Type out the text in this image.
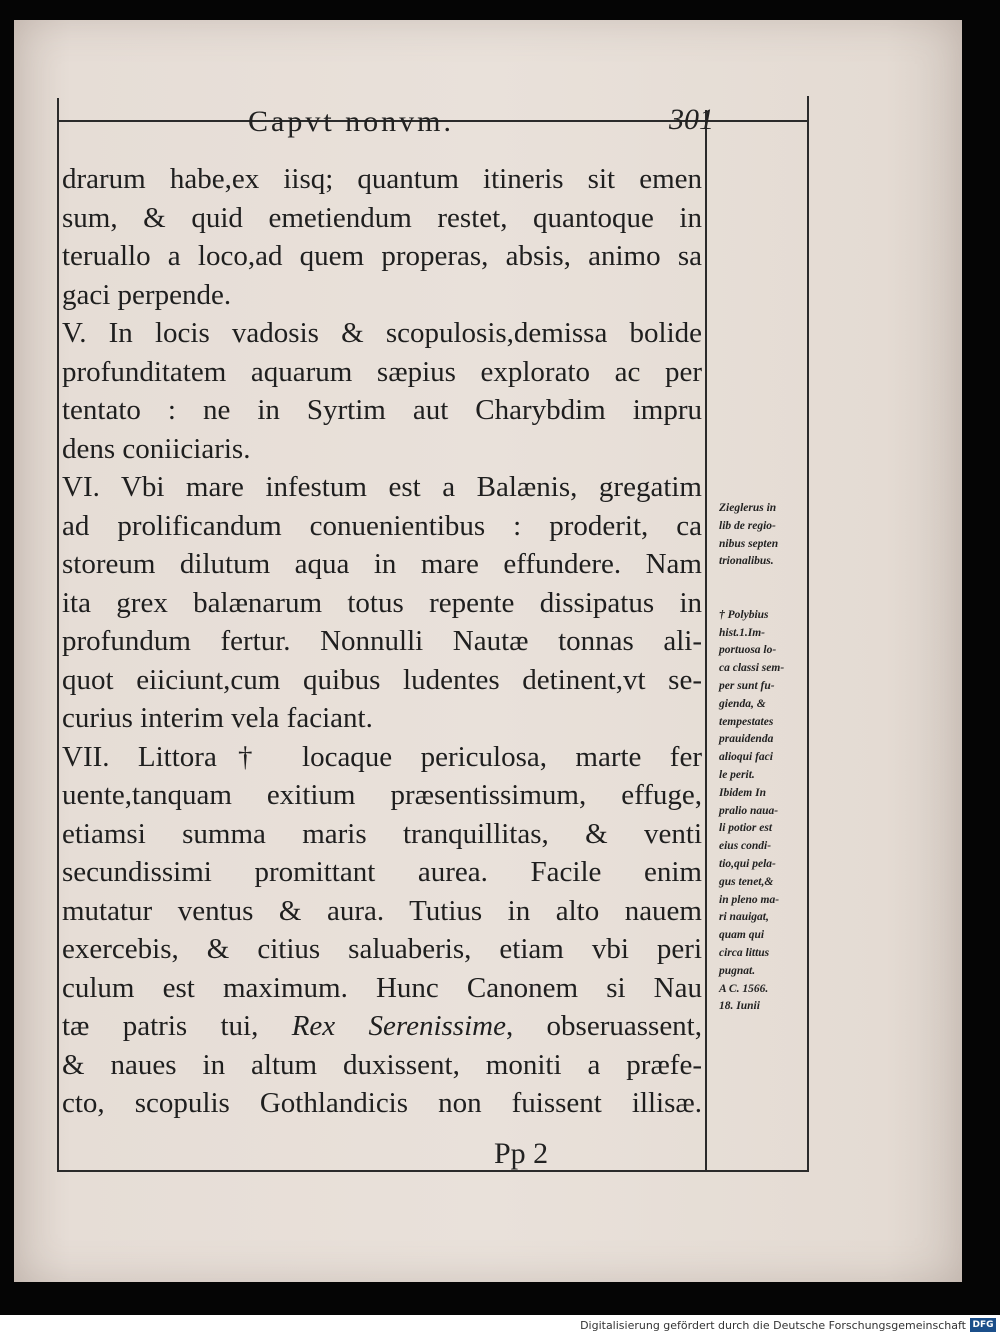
Capvt nonvm.	301
drarum habe,ex iisq; quantum itineris sit emen
sum, & quid emetiendum restet, quantoque in
teruallo a loco,ad quem properas, absis, animo sa
gaci perpende.
V. In locis vadosis & scopulosis,demissa bolide
profunditatem aquarum sæpius explorato ac per
tentato : ne in Syrtim aut Charybdim impru
dens coniiciaris.
VI. Vbi mare infestum est a Balænis, gregatim
ad prolificandum conuenientibus : proderit, ca
storeum dilutum aqua in mare effundere. Nam
ita grex balænarum totus repente dissipatus in
profundum fertur. Nonnulli Nautæ tonnas ali-
quot eiiciunt,cum quibus ludentes detinent,vt se-
curius interim vela faciant.
VII. Littora† locaque periculosa, marte fer
uente,tanquam exitium præsentissimum, effuge,
etiamsi summa maris tranquillitas, & venti
secundissimi promittant aurea. Facile enim
mutatur ventus & aura. Tutius in alto nauem
exercebis, & citius saluaberis, etiam vbi peri
culum est maximum. Hunc Canonem si Nau
tæ patris tui, Rex Serenissime, obseruassent,
& naues in altum duxissent, moniti a præfe-
cto, scopulis Gothlandicis non fuissent illisæ.
Zieglerus in
lib de regio-
nibus septen
trionalibus.
† Polybius
hist.1.Im-
portuosa lo-
ca classi sem-
per sunt fu-
gienda, &
tempestates
prauidenda
alioqui faci
le perit.
Ibidem In
pralio naua-
li potior est
eius condi-
tio,qui pela-
gus tenet,&
in pleno ma-
ri nauigat,
quam qui
circa littus
pugnat.
A C. 1566.
18. Iunii
Pp 2
Digitalisierung gefördert durch die Deutsche Forschungsgemeinschaft DFG
